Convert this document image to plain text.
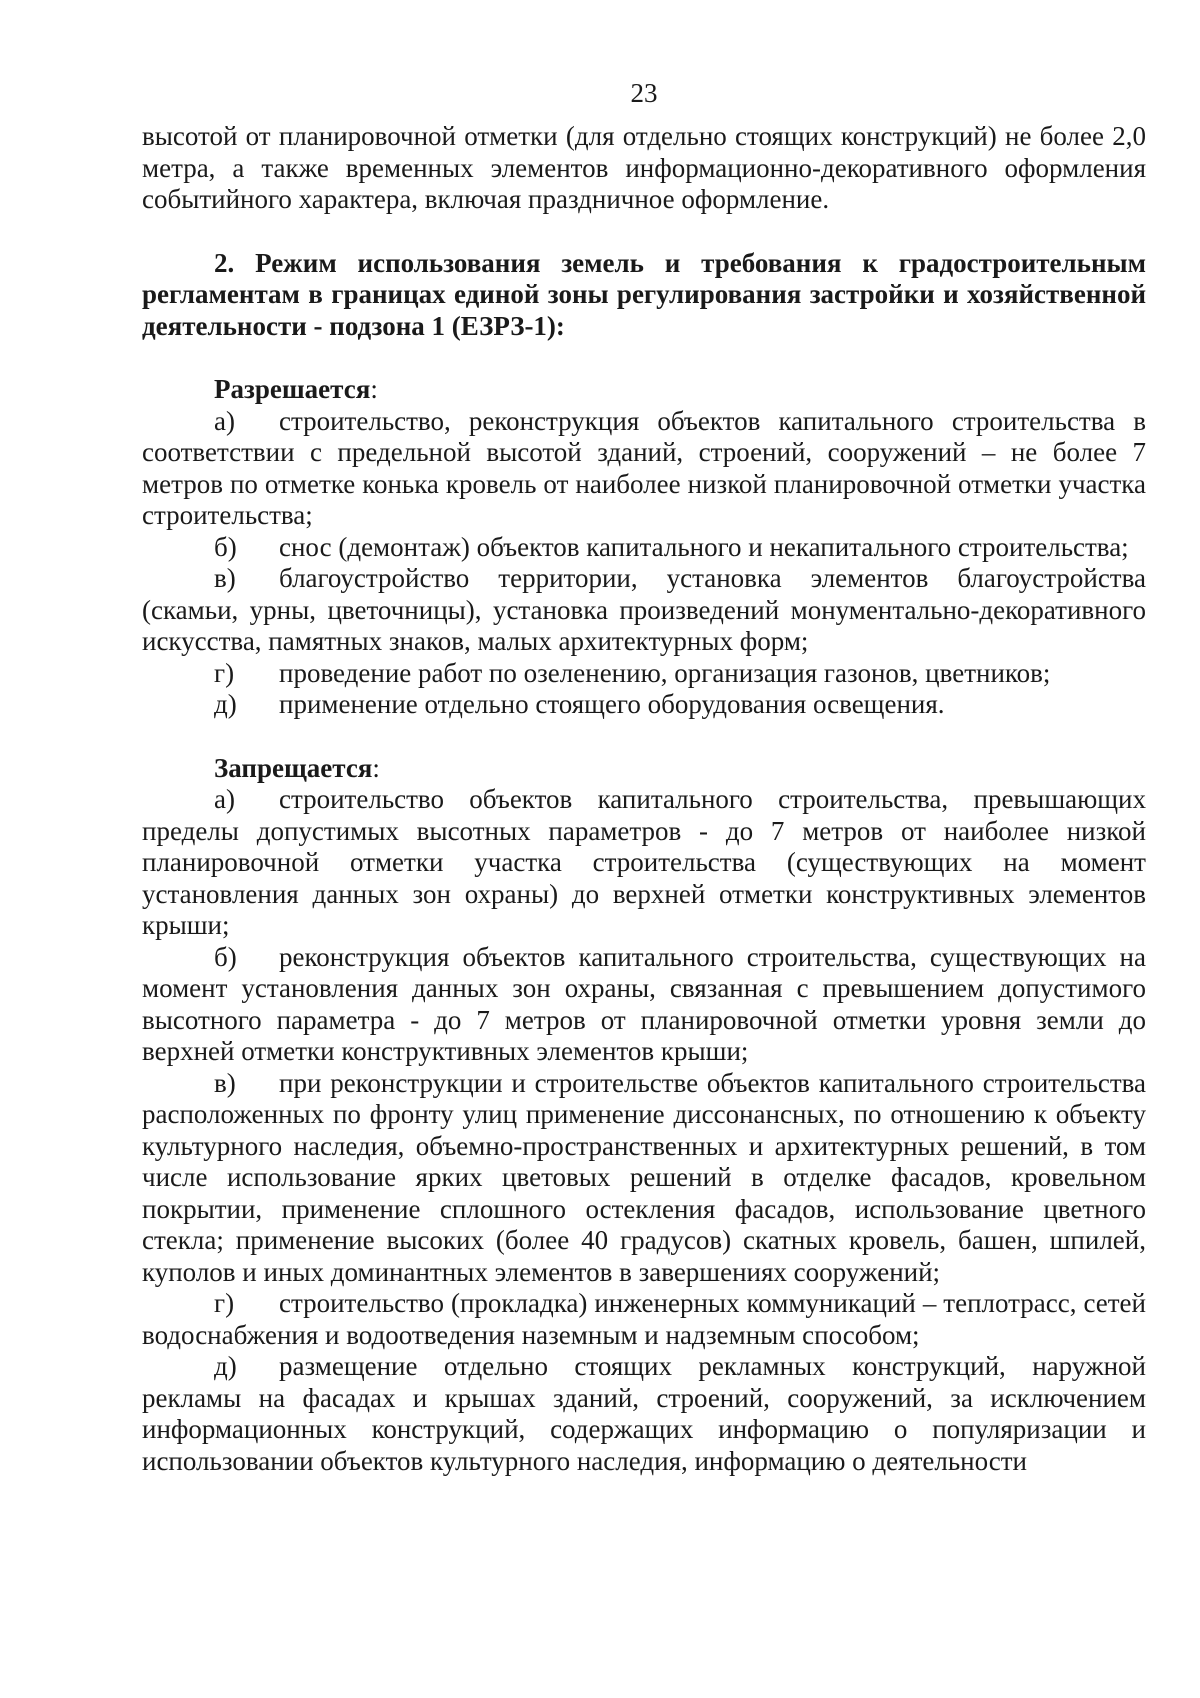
23

высотой от планировочной отметки (для отдельно стоящих конструкций) не более 2,0 метра, а также временных элементов информационно-декоративного оформления событийного характера, включая праздничное оформление.

2. Режим использования земель и требования к градостроительным регламентам в границах единой зоны регулирования застройки и хозяйственной деятельности - подзона 1 (ЕЗРЗ-1):

Разрешается:

а) строительство, реконструкция объектов капитального строительства в соответствии с предельной высотой зданий, строений, сооружений – не более 7 метров по отметке конька кровель от наиболее низкой планировочной отметки участка строительства;

б) снос (демонтаж) объектов капитального и некапитального строительства;

в) благоустройство территории, установка элементов благоустройства (скамьи, урны, цветочницы), установка произведений монументально-декоративного искусства, памятных знаков, малых архитектурных форм;

г) проведение работ по озеленению, организация газонов, цветников;

д) применение отдельно стоящего оборудования освещения.

Запрещается:

а) строительство объектов капитального строительства, превышающих пределы допустимых высотных параметров - до 7 метров от наиболее низкой планировочной отметки участка строительства (существующих на момент установления данных зон охраны) до верхней отметки конструктивных элементов крыши;

б) реконструкция объектов капитального строительства, существующих на момент установления данных зон охраны, связанная с превышением допустимого высотного параметра - до 7 метров от планировочной отметки уровня земли до верхней отметки конструктивных элементов крыши;

в) при реконструкции и строительстве объектов капитального строительства расположенных по фронту улиц применение диссонансных, по отношению к объекту культурного наследия, объемно-пространственных и архитектурных решений, в том числе использование ярких цветовых решений в отделке фасадов, кровельном покрытии, применение сплошного остекления фасадов, использование цветного стекла; применение высоких (более 40 градусов) скатных кровель, башен, шпилей, куполов и иных доминантных элементов в завершениях сооружений;

г) строительство (прокладка) инженерных коммуникаций – теплотрасс, сетей водоснабжения и водоотведения наземным и надземным способом;

д) размещение отдельно стоящих рекламных конструкций, наружной рекламы на фасадах и крышах зданий, строений, сооружений, за исключением информационных конструкций, содержащих информацию о популяризации и использовании объектов культурного наследия, информацию о деятельности
